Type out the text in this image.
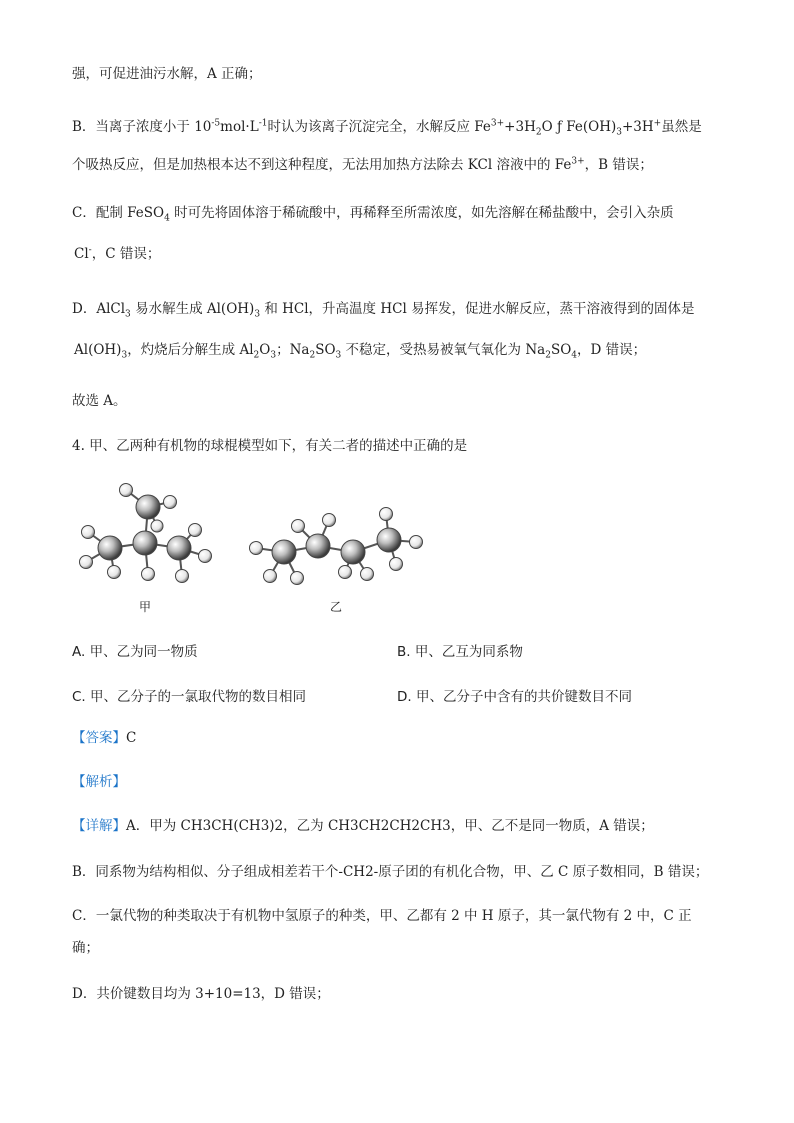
强，可促进油污水解，A 正确；
B．当离子浓度小于 $10^{-5}mol\cdot L^{-1}$时认为该离子沉淀完全，水解反应 $Fe^{3+}+3H_2O$ ƒ $Fe(OH)_3+3H^+$虽然是
个吸热反应，但是加热根本达不到这种程度，无法用加热方法除去 KCl 溶液中的 $Fe^{3+}$，B 错误；
C．配制 FeSO$_4$ 时可先将固体溶于稀硫酸中，再稀释至所需浓度，如先溶解在稀盐酸中，会引入杂质
Cl-，C 错误；
D．AlCl$_3$ 易水解生成 $Al(OH)_3$ 和 HCl，升高温度 HCl 易挥发，促进水解反应，蒸干溶液得到的固体是
$Al(OH)_3$，灼烧后分解生成 $Al_2O_3$；$Na_2SO_3$ 不稳定，受热易被氧气氧化为 $Na_2SO_4$，D 错误；
故选 A。
4. 甲、乙两种有机物的球棍模型如下，有关二者的描述中正确的是
甲	乙
A. 甲、乙为同一物质	B. 甲、乙互为同系物
C. 甲、乙分子的一氯取代物的数目相同	D. 甲、乙分子中含有的共价键数目不同
【答案】C
【解析】
【详解】A．甲为 CH3CH(CH3)2，乙为 CH3CH2CH2CH3，甲、乙不是同一物质，A 错误；
B．同系物为结构相似、分子组成相差若干个-CH2-原子团的有机化合物，甲、乙 C 原子数相同，B 错误；
C．一氯代物的种类取决于有机物中氢原子的种类，甲、乙都有 2 中 H 原子，其一氯代物有 2 中，C 正
确；
D．共价键数目均为 3+10=13，D 错误；
